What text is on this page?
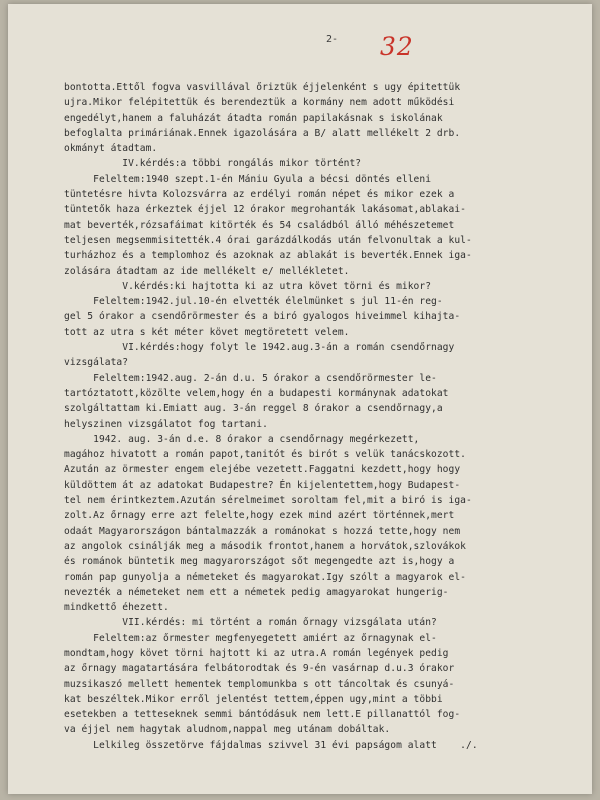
2- 32
bontotta.Ettől fogva vasvillával őriztük éjjelenként s ugy épitettük
ujra.Mikor felépitettük és berendeztük a kormány nem adott működési
engedélyt,hanem a faluházát átadta román papilakásnak s iskolának
befoglalta primáriának.Ennek igazolására a B/ alatt mellékelt 2 drb.
okmányt átadtam.
IV.kérdés:a többi rongálás mikor történt?
Feleltem:1940 szept.1-én Mániu Gyula a bécsi döntés elleni
tüntetésre hivta Kolozsvárra az erdélyi román népet és mikor ezek a
tüntetők haza érkeztek éjjel 12 órakor megrohanták lakásomat,ablakai-
mat beverték,rózsafáimat kitörték és 54 családból álló méhészetemet
teljesen megsemmisitették.4 órai garázdálkodás után felvonultak a kul-
turházhoz és a templomhoz és azoknak az ablakát is beverték.Ennek iga-
zolására átadtam az ide mellékelt e/ mellékletet.
V.kérdés:ki hajtotta ki az utra követ törni és mikor?
Feleltem:1942.jul.10-én elvették élelmünket s jul 11-én reg-
gel 5 órakor a csendőrörmester és a biró gyalogos hiveimmel kihajta-
tott az utra s két méter követ megtöretett velem.
VI.kérdés:hogy folyt le 1942.aug.3-án a román csendőrnagy
vizsgálata?
Feleltem:1942.aug. 2-án d.u. 5 órakor a csendőrörmester le-
tartóztatott,közölte velem,hogy én a budapesti kormánynak adatokat
szolgáltattam ki.Emiatt aug. 3-án reggel 8 órakor a csendőrnagy,a
helyszinen vizsgálatot fog tartani.
1942. aug. 3-án d.e. 8 órakor a csendőrnagy megérkezett,
magához hivatott a román papot,tanitót és birót s velük tanácskozott.
Azután az örmester engem elejébe vezetett.Faggatni kezdett,hogy hogy
küldöttem át az adatokat Budapestre? Én kijelentettem,hogy Budapest-
tel nem érintkeztem.Azután sérelmeimet soroltam fel,mit a biró is iga-
zolt.Az őrnagy erre azt felelte,hogy ezek mind azért történnek,mert
odaát Magyarországon bántalmazzák a románokat s hozzá tette,hogy nem
az angolok csinálják meg a második frontot,hanem a horvátok,szlovákok
és románok büntetik meg magyarországot sőt megengedte azt is,hogy a
román pap gunyolja a németeket és magyarokat.Igy szólt a magyarok el-
nevezték a németeket nem ett a németek pedig amagyarokat hungerig-
mindkettő éhezett.
VII.kérdés: mi történt a román őrnagy vizsgálata után?
Feleltem:az őrmester megfenyegetett amiért az őrnagynak el-
mondtam,hogy követ törni hajtott ki az utra.A román legények pedig
az őrnagy magatartására felbátorodtak és 9-én vasárnap d.u.3 órakor
muzsikaszó mellett hementek templomunkba s ott táncoltak és csunyá-
kat beszéltek.Mikor erről jelentést tettem,éppen ugy,mint a többi
esetekben a tetteseknek semmi bántódásuk nem lett.E pillanattól fog-
va éjjel nem hagytak aludnom,nappal meg utánam dobáltak.
Lelkileg összetörve fájdalmas szivvel 31 évi papságom alatt    ./.
